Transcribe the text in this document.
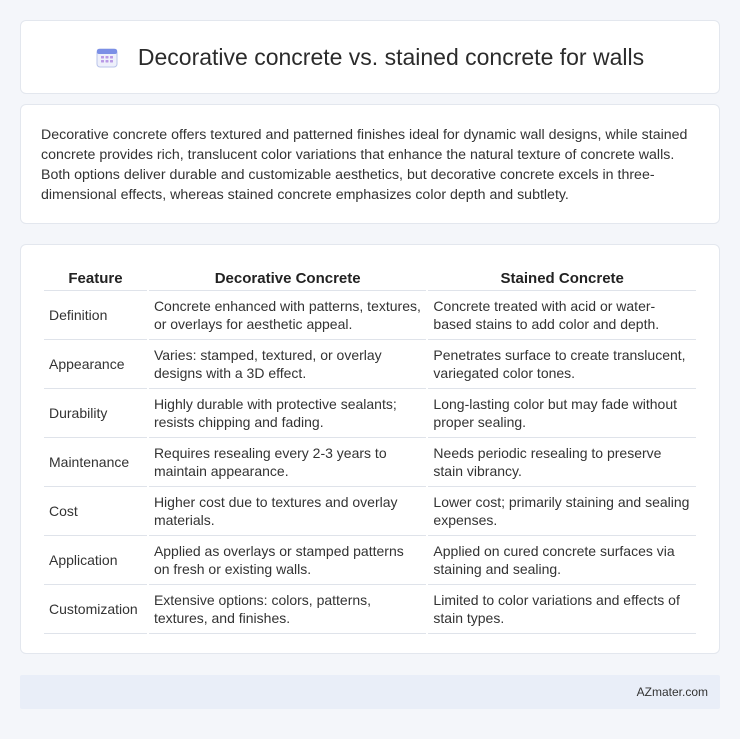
Decorative concrete vs. stained concrete for walls

Decorative concrete offers textured and patterned finishes ideal for dynamic wall designs, while stained concrete provides rich, translucent color variations that enhance the natural texture of concrete walls. Both options deliver durable and customizable aesthetics, but decorative concrete excels in three-dimensional effects, whereas stained concrete emphasizes color depth and subtlety.

Feature	Decorative Concrete	Stained Concrete
Definition	Concrete enhanced with patterns, textures, or overlays for aesthetic appeal.	Concrete treated with acid or water-based stains to add color and depth.
Appearance	Varies: stamped, textured, or overlay designs with a 3D effect.	Penetrates surface to create translucent, variegated color tones.
Durability	Highly durable with protective sealants; resists chipping and fading.	Long-lasting color but may fade without proper sealing.
Maintenance	Requires resealing every 2-3 years to maintain appearance.	Needs periodic resealing to preserve stain vibrancy.
Cost	Higher cost due to textures and overlay materials.	Lower cost; primarily staining and sealing expenses.
Application	Applied as overlays or stamped patterns on fresh or existing walls.	Applied on cured concrete surfaces via staining and sealing.
Customization	Extensive options: colors, patterns, textures, and finishes.	Limited to color variations and effects of stain types.
AZmater.com
